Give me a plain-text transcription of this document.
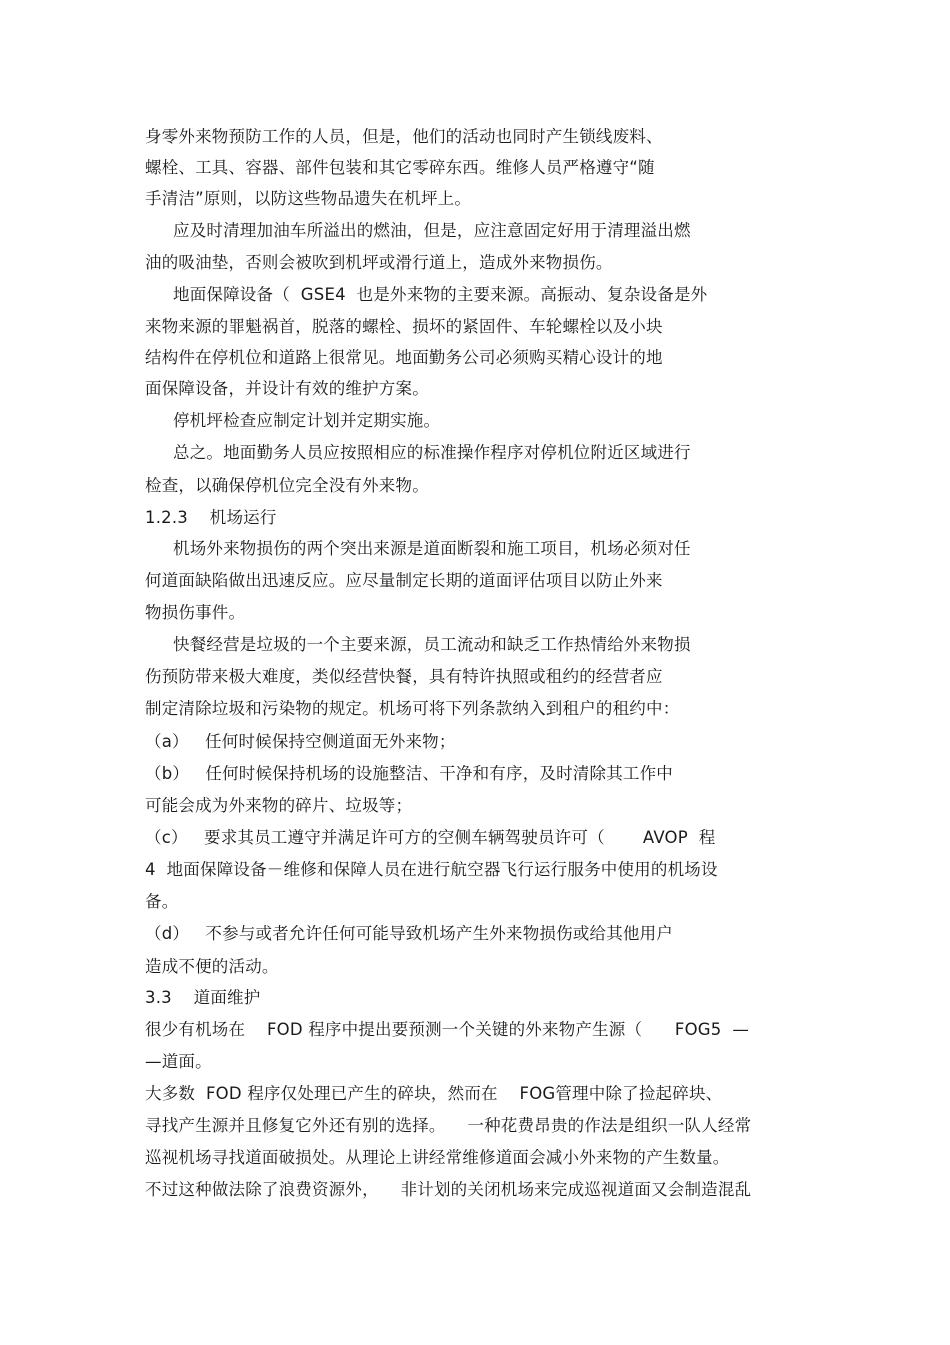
身零外来物预防工作的人员，但是，他们的活动也同时产生锁线废料、
螺栓、工具、容器、部件包装和其它零碎东西。维修人员严格遵守“随
手清洁”原则，以防这些物品遗失在机坪上。
应及时清理加油车所溢出的燃油，但是，应注意固定好用于清理溢出燃
油的吸油垫，否则会被吹到机坪或滑行道上，造成外来物损伤。
地面保障设备（  GSE4  也是外来物的主要来源。高振动、复杂设备是外
来物来源的罪魁祸首，脱落的螺栓、损坏的紧固件、车轮螺栓以及小块
结构件在停机位和道路上很常见。地面勤务公司必须购买精心设计的地
面保障设备，并设计有效的维护方案。
停机坪检查应制定计划并定期实施。
总之。地面勤务人员应按照相应的标准操作程序对停机位附近区域进行
检查，以确保停机位完全没有外来物。
1.2.3    机场运行
机场外来物损伤的两个突出来源是道面断裂和施工项目，机场必须对任
何道面缺陷做出迅速反应。应尽量制定长期的道面评估项目以防止外来
物损伤事件。
快餐经营是垃圾的一个主要来源，员工流动和缺乏工作热情给外来物损
伤预防带来极大难度，类似经营快餐，具有特许执照或租约的经营者应
制定清除垃圾和污染物的规定。机场可将下列条款纳入到租户的租约中：
（a）   任何时候保持空侧道面无外来物；
（b）   任何时候保持机场的设施整洁、干净和有序，及时清除其工作中
可能会成为外来物的碎片、垃圾等；
（c）   要求其员工遵守并满足许可方的空侧车辆驾驶员许可（       AVOP  程
4  地面保障设备－维修和保障人员在进行航空器飞行运行服务中使用的机场设
备。
（d）   不参与或者允许任何可能导致机场产生外来物损伤或给其他用户
造成不便的活动。
3.3    道面维护
很少有机场在    FOD 程序中提出要预测一个关键的外来物产生源（      FOG5  —
—道面。
大多数  FOD 程序仅处理已产生的碎块，然而在    FOG管理中除了捡起碎块、
寻找产生源并且修复它外还有别的选择。    一种花费昂贵的作法是组织一队人经常
巡视机场寻找道面破损处。从理论上讲经常维修道面会减小外来物的产生数量。
不过这种做法除了浪费资源外，    非计划的关闭机场来完成巡视道面又会制造混乱
